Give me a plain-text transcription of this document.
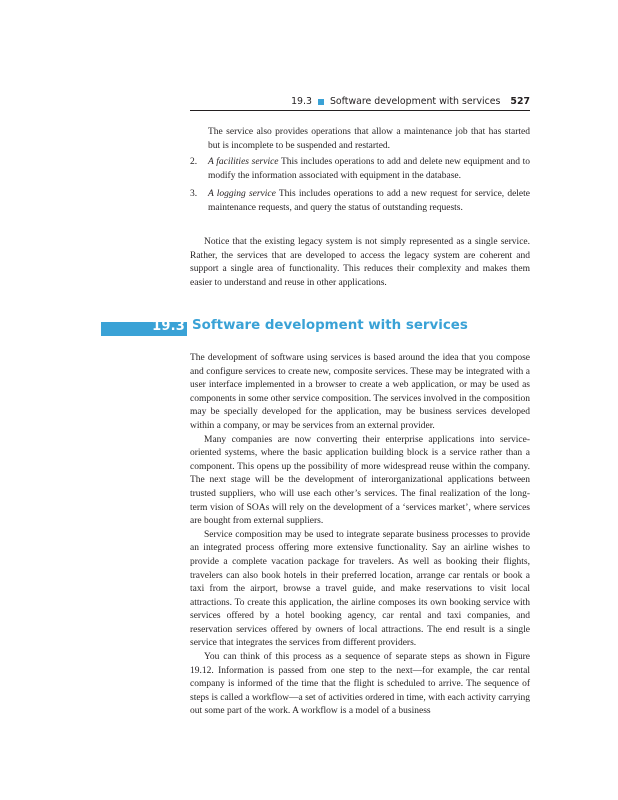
19.3 Software development with services 527
The service also provides operations that allow a maintenance job that has started but is incomplete to be suspended and restarted.
2. A facilities service This includes operations to add and delete new equipment and to modify the information associated with equipment in the database.
3. A logging service This includes operations to add a new request for service, delete maintenance requests, and query the status of outstanding requests.
Notice that the existing legacy system is not simply represented as a single service. Rather, the services that are developed to access the legacy system are coherent and support a single area of functionality. This reduces their complexity and makes them easier to understand and reuse in other applications.
19.3 Software development with services

The development of software using services is based around the idea that you compose and configure services to create new, composite services. These may be integrated with a user interface implemented in a browser to create a web application, or may be used as components in some other service composition. The services involved in the composition may be specially developed for the application, may be business services developed within a company, or may be services from an external provider.

Many companies are now converting their enterprise applications into service-oriented systems, where the basic application building block is a service rather than a component. This opens up the possibility of more widespread reuse within the company. The next stage will be the development of interorganizational applications between trusted suppliers, who will use each other’s services. The final realization of the long-term vision of SOAs will rely on the development of a ‘services market’, where services are bought from external suppliers.

Service composition may be used to integrate separate business processes to provide an integrated process offering more extensive functionality. Say an airline wishes to provide a complete vacation package for travelers. As well as booking their flights, travelers can also book hotels in their preferred location, arrange car rentals or book a taxi from the airport, browse a travel guide, and make reservations to visit local attractions. To create this application, the airline composes its own booking service with services offered by a hotel booking agency, car rental and taxi companies, and reservation services offered by owners of local attractions. The end result is a single service that integrates the services from different providers.

You can think of this process as a sequence of separate steps as shown in Figure 19.12. Information is passed from one step to the next—for example, the car rental company is informed of the time that the flight is scheduled to arrive. The sequence of steps is called a workflow—a set of activities ordered in time, with each activity carrying out some part of the work. A workflow is a model of a business
